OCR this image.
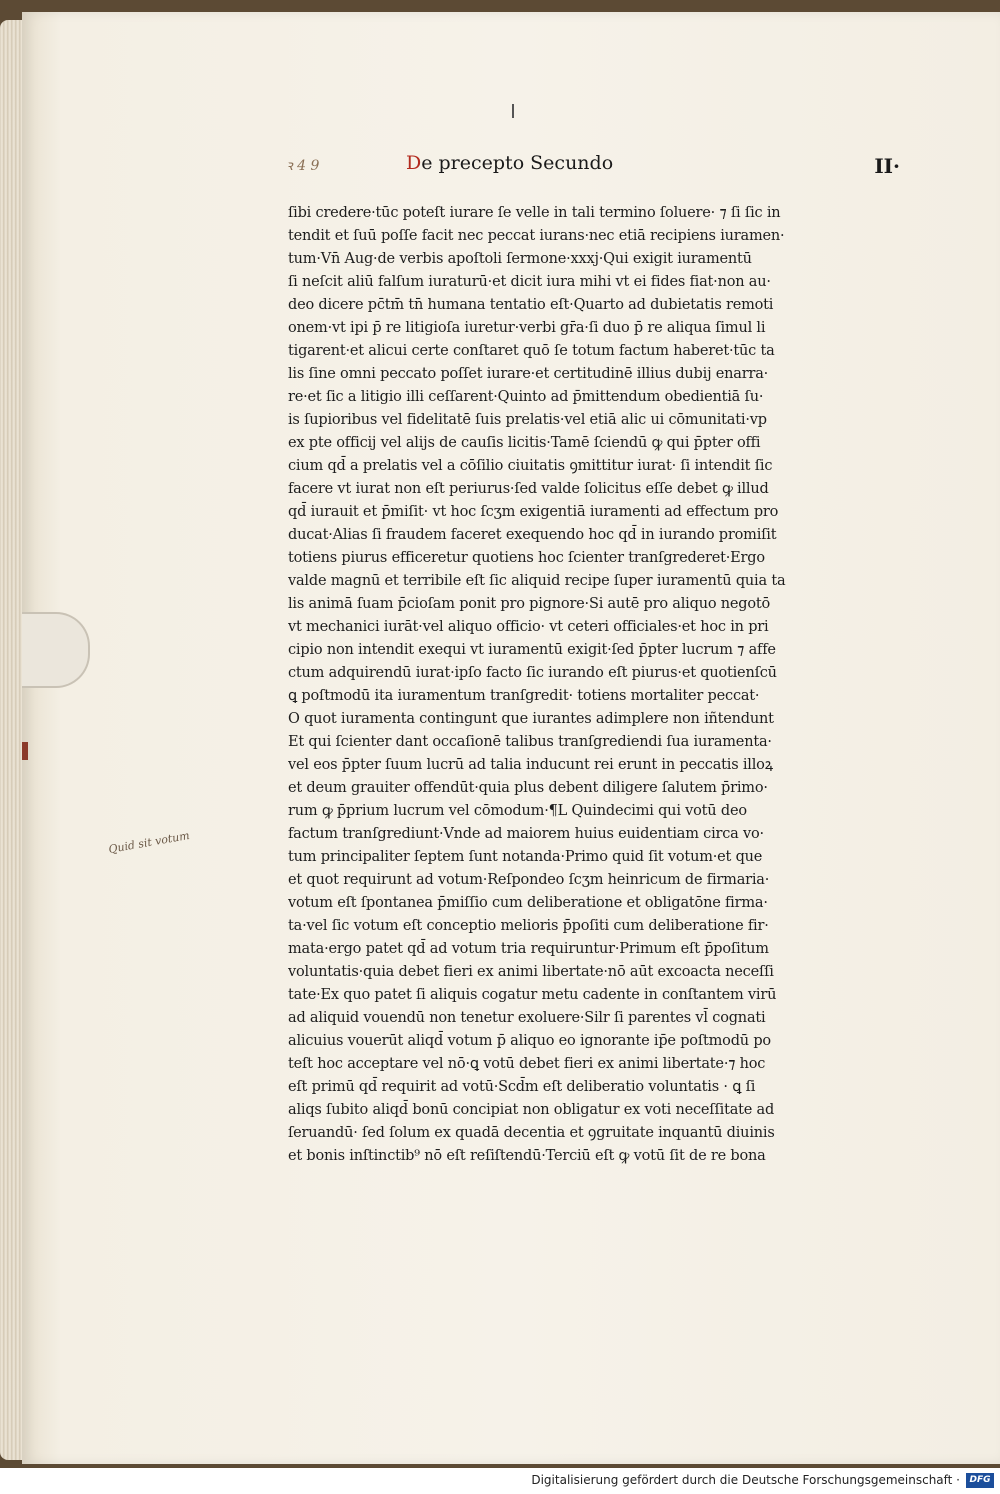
ꝛ 4 9	De precepto Secundo	II·
Quid sit votum
ſibi credere·tūc poteſt iurare ſe velle in tali termino ſoluere· ⁊ ſi ſic in
tendit et ſuū poſſe facit nec peccat iurans·nec etiā recipiens iuramen·
tum·Vn̄ Aug·de verbis apoſtoli ſermone·xxxj·Qui exigit iuramentū
ſi neſcit aliū falſum iuraturū·et dicit iura mihi vt ei fides fiat·non au·
deo dicere pc̄tm̄ tn̄ humana tentatio eſt·Quarto ad dubietatis remoti
onem·vt ipi p̄ re litigioſa iuretur·verbi gr̄a·ſi duo p̄ re aliqua ſimul li
tigarent·et alicui certe conſtaret quō ſe totum factum haberet·tūc ta
lis ſine omni peccato poſſet iurare·et certitudinē illius dubij enarra·
re·et ſic a litigio illi ceſſarent·Quinto ad p̄mittendum obedientiā ſu·
is ſupioribus vel fidelitatē ſuis prelatis·vel etiā alic ui cōmunitati·vp
ex pte officij vel alijs de cauſis licitis·Tamē ſciendū ꝙ qui p̄pter offi
cium qd̄ a prelatis vel a cōſilio ciuitatis ꝯmittitur iurat· ſi intendit ſic
facere vt iurat non eſt periurus·ſed valde ſolicitus eſſe debet ꝙ illud
qd̄ iurauit et p̄miſit· vt hoc ſcʒm exigentiā iuramenti ad effectum pro
ducat·Alias ſi fraudem faceret exequendo hoc qd̄ in iurando promiſit
totiens piurus efficeretur quotiens hoc ſcienter tranſgrederet·Ergo
valde magnū et terribile eſt ſic aliquid recipe ſuper iuramentū quia ta
lis animā ſuam p̄cioſam ponit pro pignore·Si autē pro aliquo negotō
vt mechanici iurāt·vel aliquo officio· vt ceteri officiales·et hoc in pri
cipio non intendit exequi vt iuramentū exigit·ſed p̄pter lucrum ⁊ affe
ctum adquirendū iurat·ipſo facto ſic iurando eſt piurus·et quotienſcū
ꝗ poſtmodū ita iuramentum tranſgredit· totiens mortaliter peccat·
O quot iuramenta contingunt que iurantes adimplere non iñtendunt
Et qui ſcienter dant occaſionē talibus tranſgrediendi ſua iuramenta·
vel eos p̄pter ſuum lucrū ad talia inducunt rei erunt in peccatis illoꝝ
et deum grauiter offendūt·quia plus debent diligere ſalutem p̄rimo·
rum ꝙ p̄prium lucrum vel cōmodum·¶L Quindecimi qui votū deo
factum tranſgrediunt·Vnde ad maiorem huius euidentiam circa vo·
tum principaliter ſeptem ſunt notanda·Primo quid ſit votum·et que
et quot requirunt ad votum·Reſpondeo ſcʒm heinricum de firmaria·
votum eſt ſpontanea p̄miſſio cum deliberatione et obligatōne firma·
ta·vel ſic votum eſt conceptio melioris p̄poſiti cum deliberatione fir·
mata·ergo patet qd̄ ad votum tria requiruntur·Primum eſt p̄poſitum
voluntatis·quia debet fieri ex animi libertate·nō aūt excoacta neceſſi
tate·Ex quo patet ſi aliquis cogatur metu cadente in conſtantem virū
ad aliquid vouendū non tenetur exoluere·Silr ſi parentes vl̄ cognati
alicuius vouerūt aliqd̄ votum p̄ aliquo eo ignorante ip̄e poſtmodū po
teſt hoc acceptare vel nō·ꝗ votū debet fieri ex animi libertate·⁊ hoc
eſt primū qd̄ requirit ad votū·Scd̄m eſt deliberatio voluntatis · ꝗ ſi
aliqs ſubito aliqd̄ bonū concipiat non obligatur ex voti neceſſitate ad
ſeruandū· ſed ſolum ex quadā decentia et ꝯgruitate inquantū diuinis
et bonis inſtinctib⁹ nō eſt reſiſtendū·Terciū eſt ꝙ votū ſit de re bona
Digitalisierung gefördert durch die Deutsche Forschungsgemeinschaft ·	DFG
